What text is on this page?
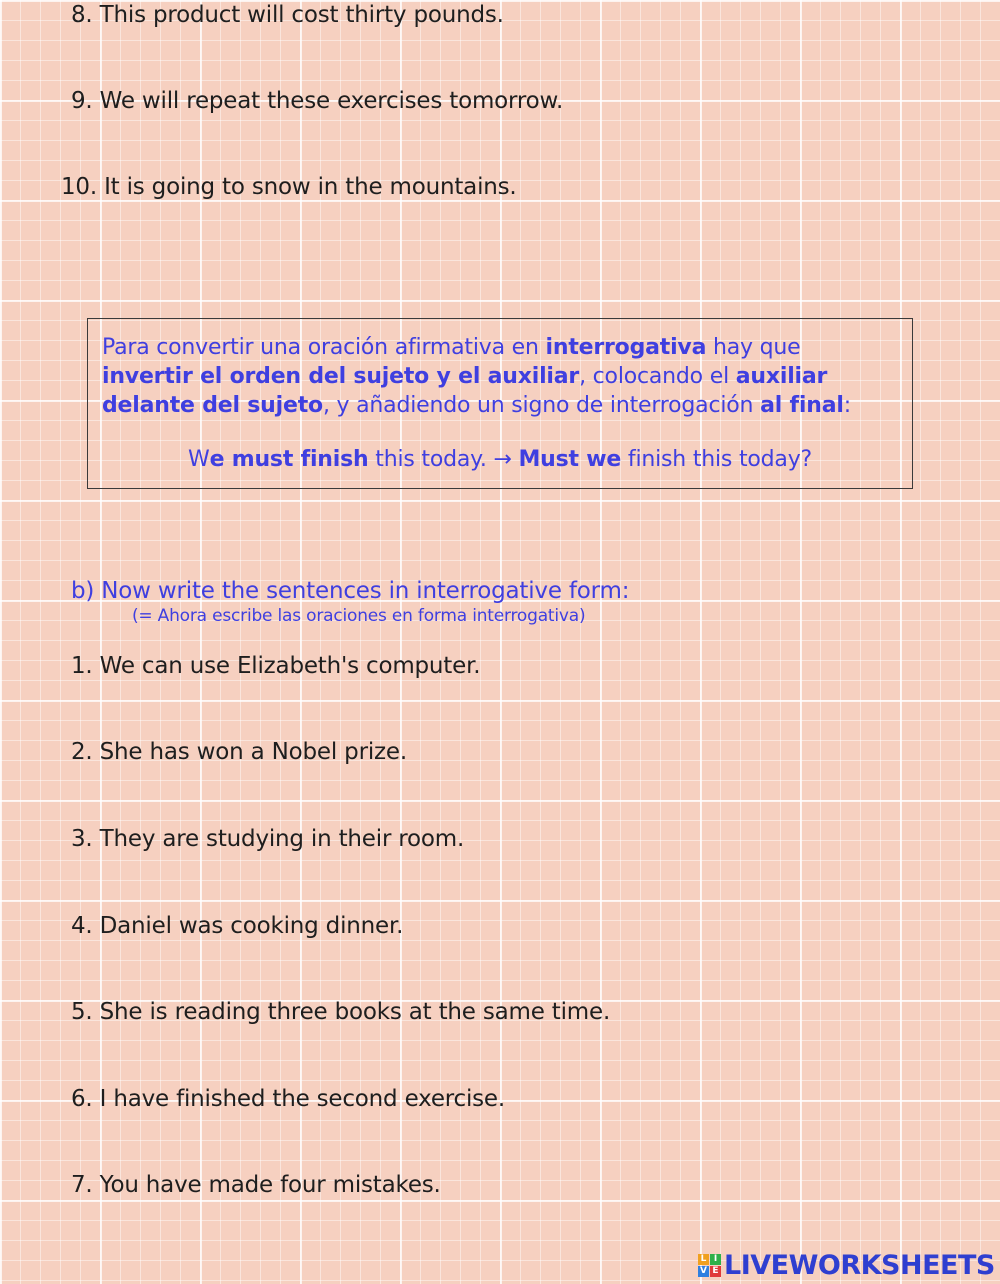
8. This product will cost thirty pounds.
9. We will repeat these exercises tomorrow.
10. It is going to snow in the mountains.
Para convertir una oración afirmativa en interrogativa hay que invertir el orden del sujeto y el auxiliar, colocando el auxiliar delante del sujeto, y añadiendo un signo de interrogación al final:
We must finish this today. → Must we finish this today?
b) Now write the sentences in interrogative form:
(= Ahora escribe las oraciones en forma interrogativa)
1. We can use Elizabeth's computer.
2. She has won a Nobel prize.
3. They are studying in their room.
4. Daniel was cooking dinner.
5. She is reading three books at the same time.
6. I have finished the second exercise.
7. You have made four mistakes.
L I
V E LIVEWORKSHEETS
